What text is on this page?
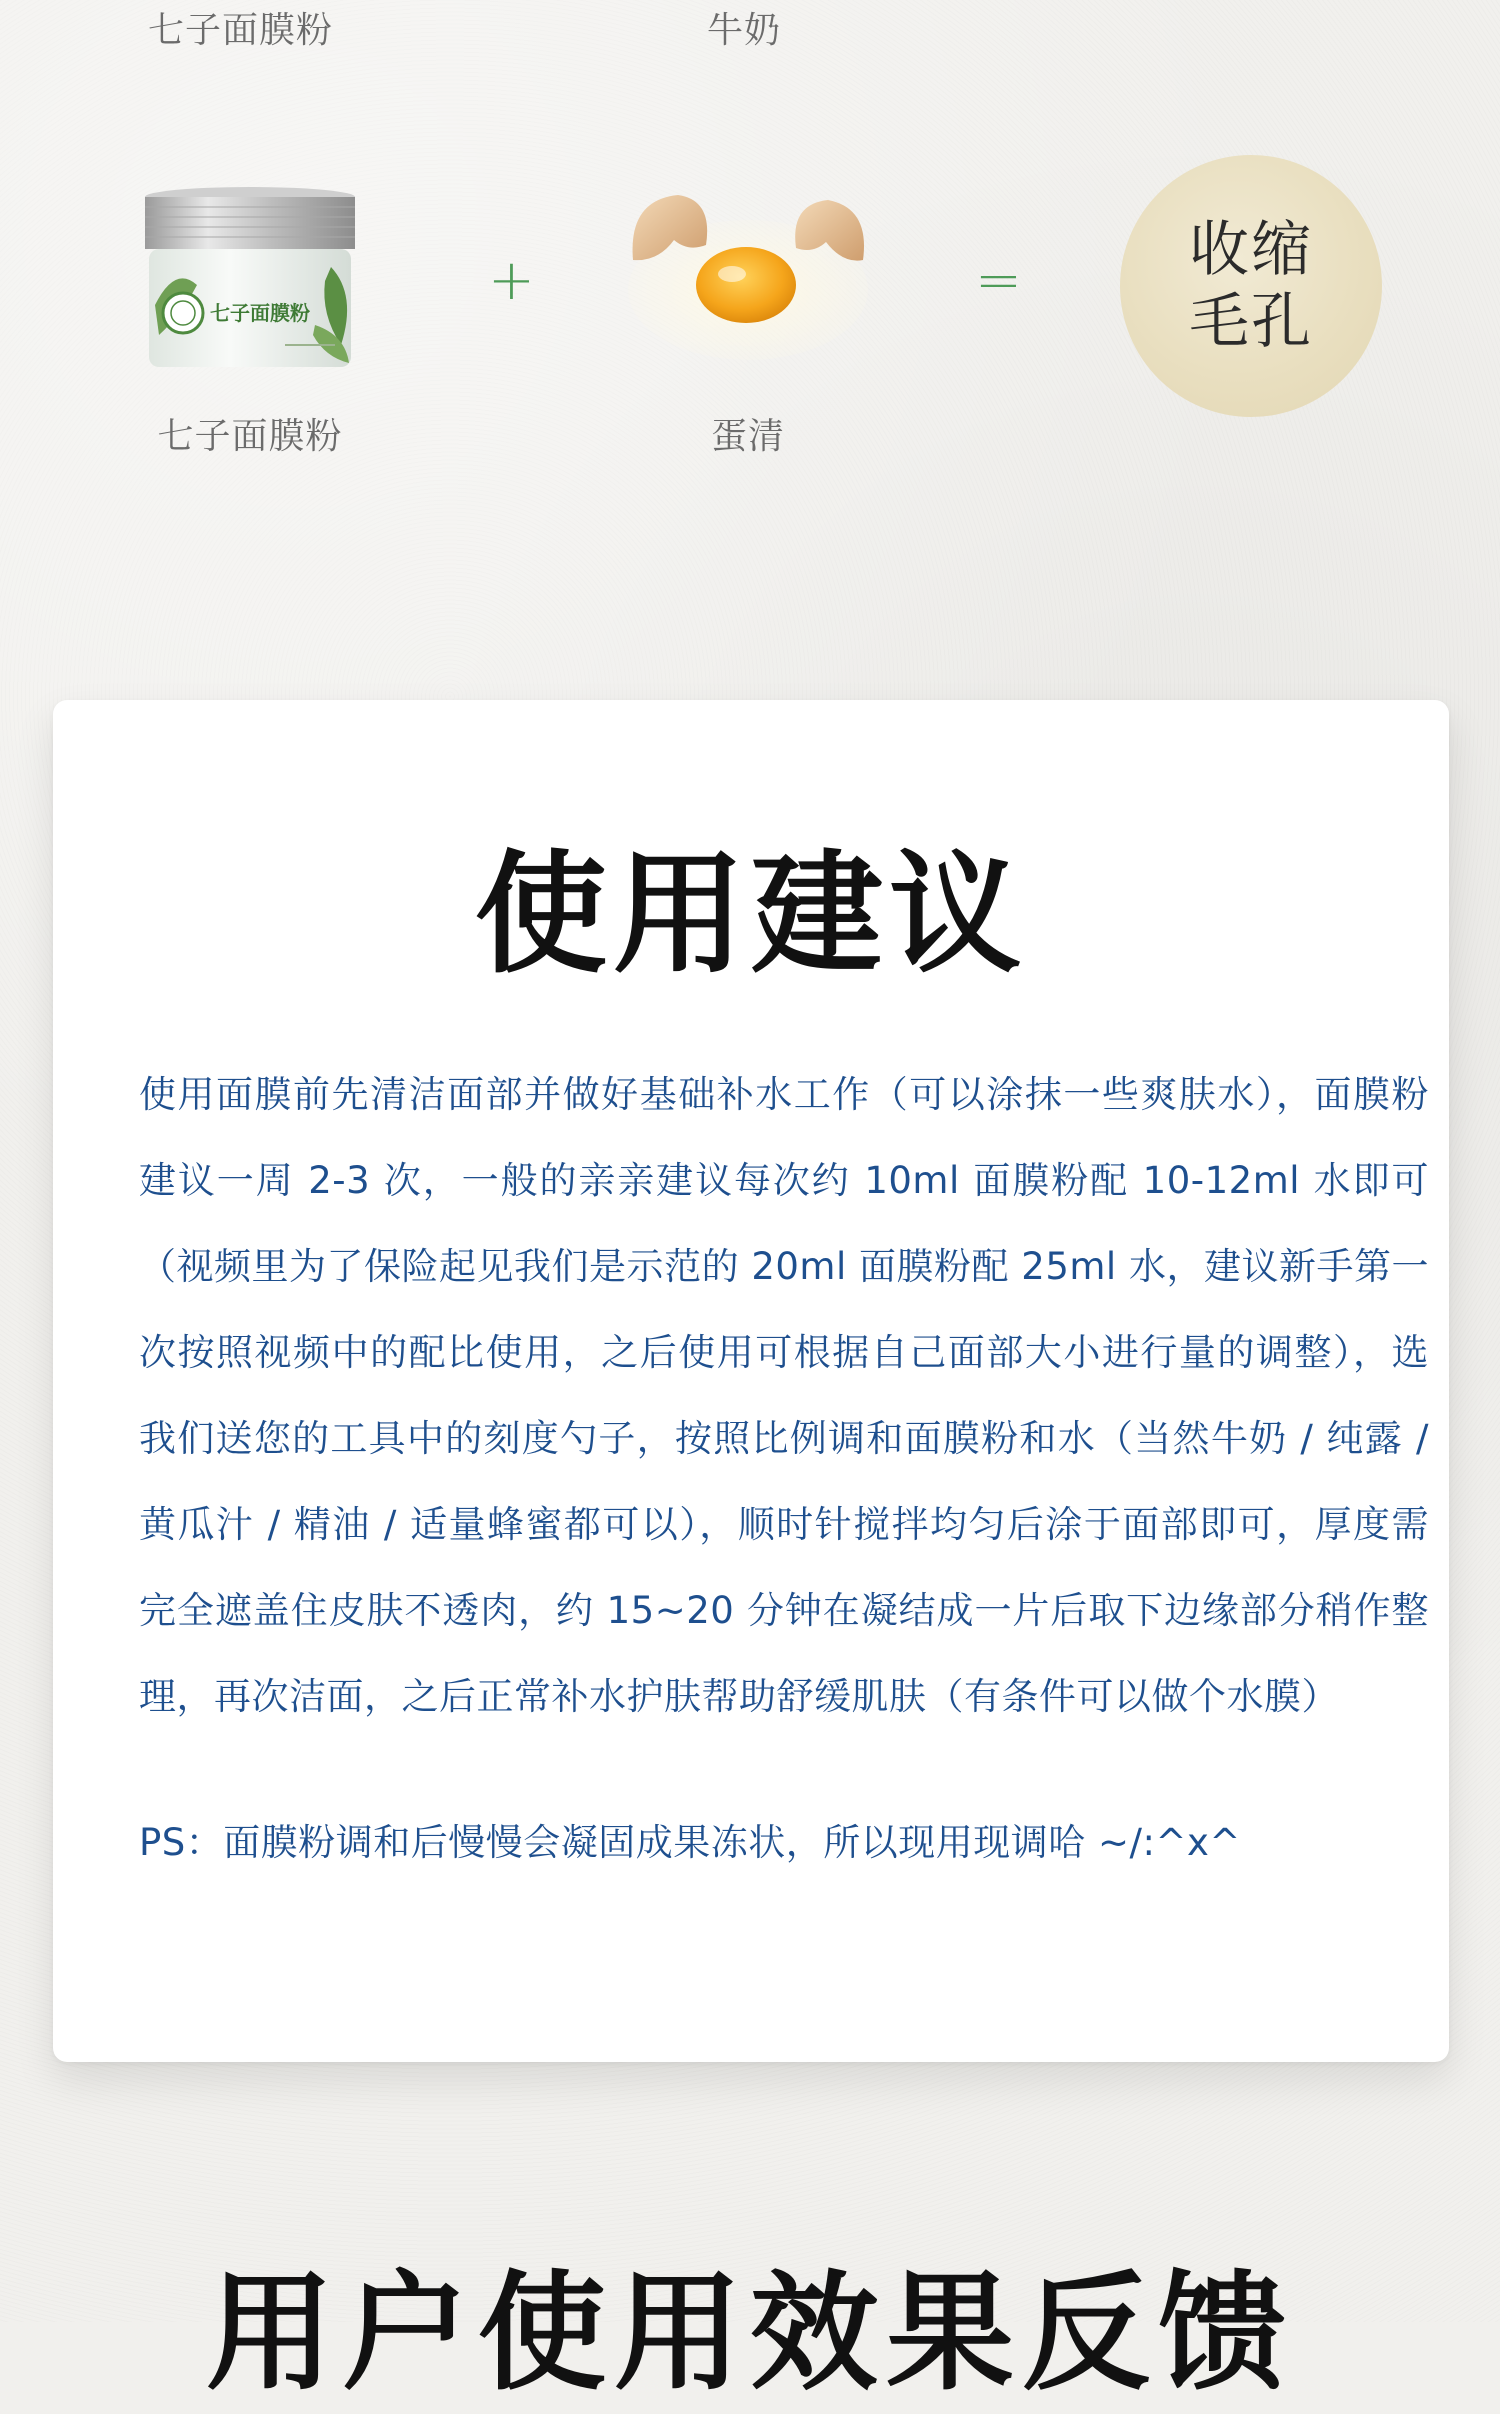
七子面膜粉	牛奶
七子面膜粉
七子面膜粉
+
蛋清
=	收缩
毛孔
使用建议
使用面膜前先清洁面部并做好基础补水工作（可以涂抹一些爽肤水），面膜粉建议一周 2-3 次，一般的亲亲建议每次约 10ml 面膜粉配 10-12ml 水即可（视频里为了保险起见我们是示范的 20ml 面膜粉配 25ml 水，建议新手第一次按照视频中的配比使用，之后使用可根据自己面部大小进行量的调整），选我们送您的工具中的刻度勺子，按照比例调和面膜粉和水（当然牛奶 / 纯露 / 黄瓜汁 / 精油 / 适量蜂蜜都可以），顺时针搅拌均匀后涂于面部即可，厚度需完全遮盖住皮肤不透肉，约 15~20 分钟在凝结成一片后取下边缘部分稍作整理，再次洁面，之后正常补水护肤帮助舒缓肌肤（有条件可以做个水膜）
PS：面膜粉调和后慢慢会凝固成果冻状，所以现用现调哈 ~/:^x^
用户使用效果反馈
